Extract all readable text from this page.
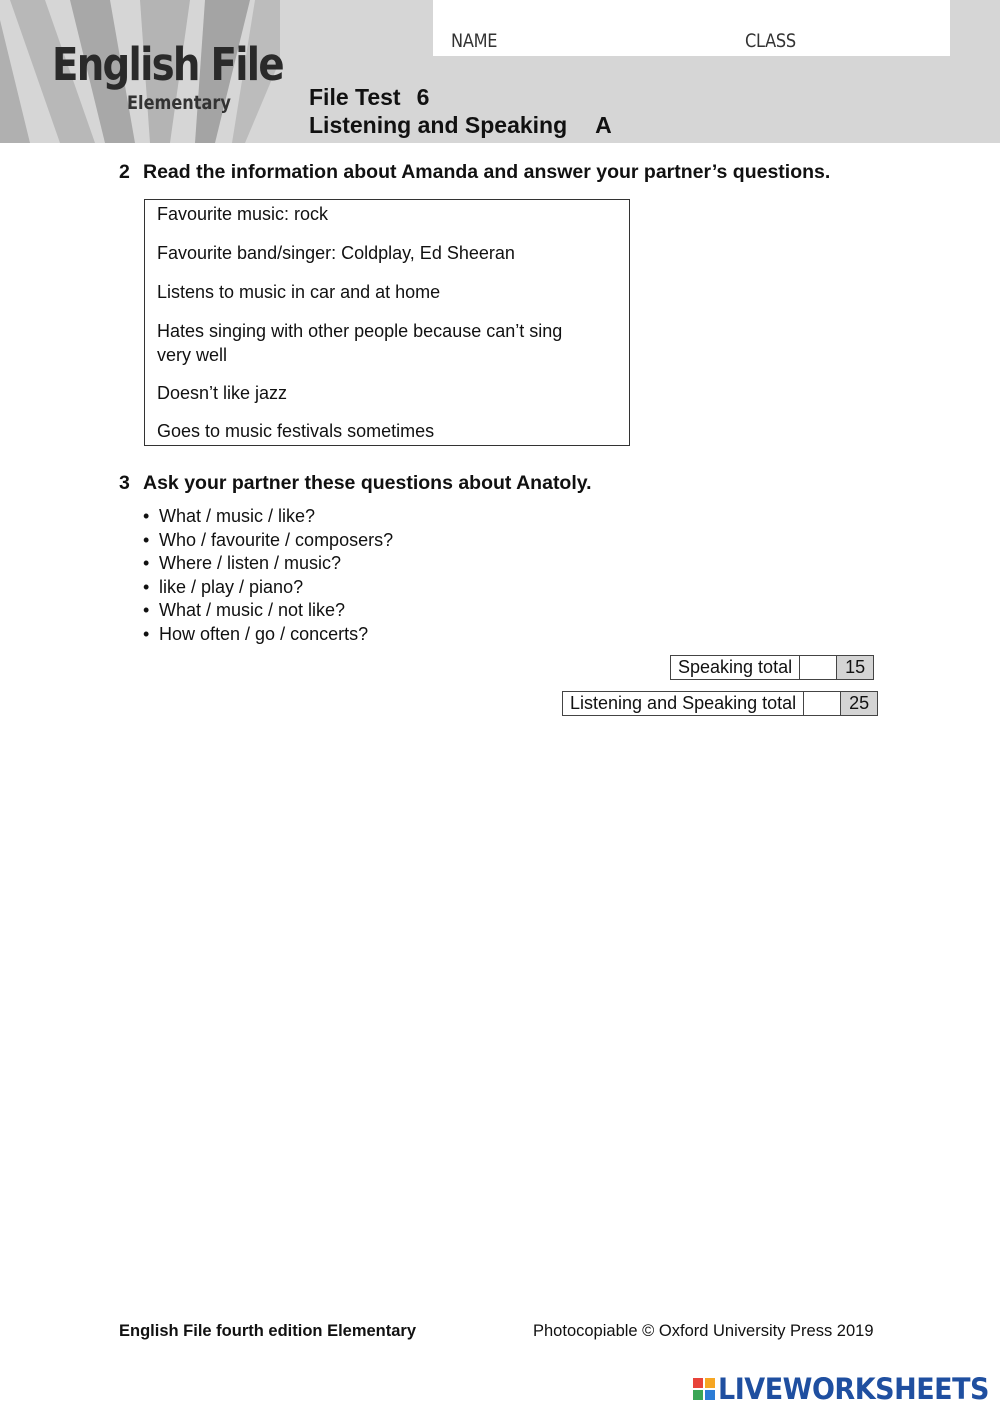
NAME	CLASS
English File
Elementary	File Test 6
Listening and Speaking A
2 Read the information about Amanda and answer your partner’s questions.
Favourite music: rock
Favourite band/singer: Coldplay, Ed Sheeran
Listens to music in car and at home
Hates singing with other people because can’t sing very well
Doesn’t like jazz
Goes to music festivals sometimes
3 Ask your partner these questions about Anatoly.
• What / music / like?
• Who / favourite / composers?
• Where / listen / music?
• like / play / piano?
• What / music / not like?
• How often / go / concerts?
Speaking total	15
Listening and Speaking total	25
English File fourth edition Elementary	Photocopiable © Oxford University Press 2019
LIVEWORKSHEETS
